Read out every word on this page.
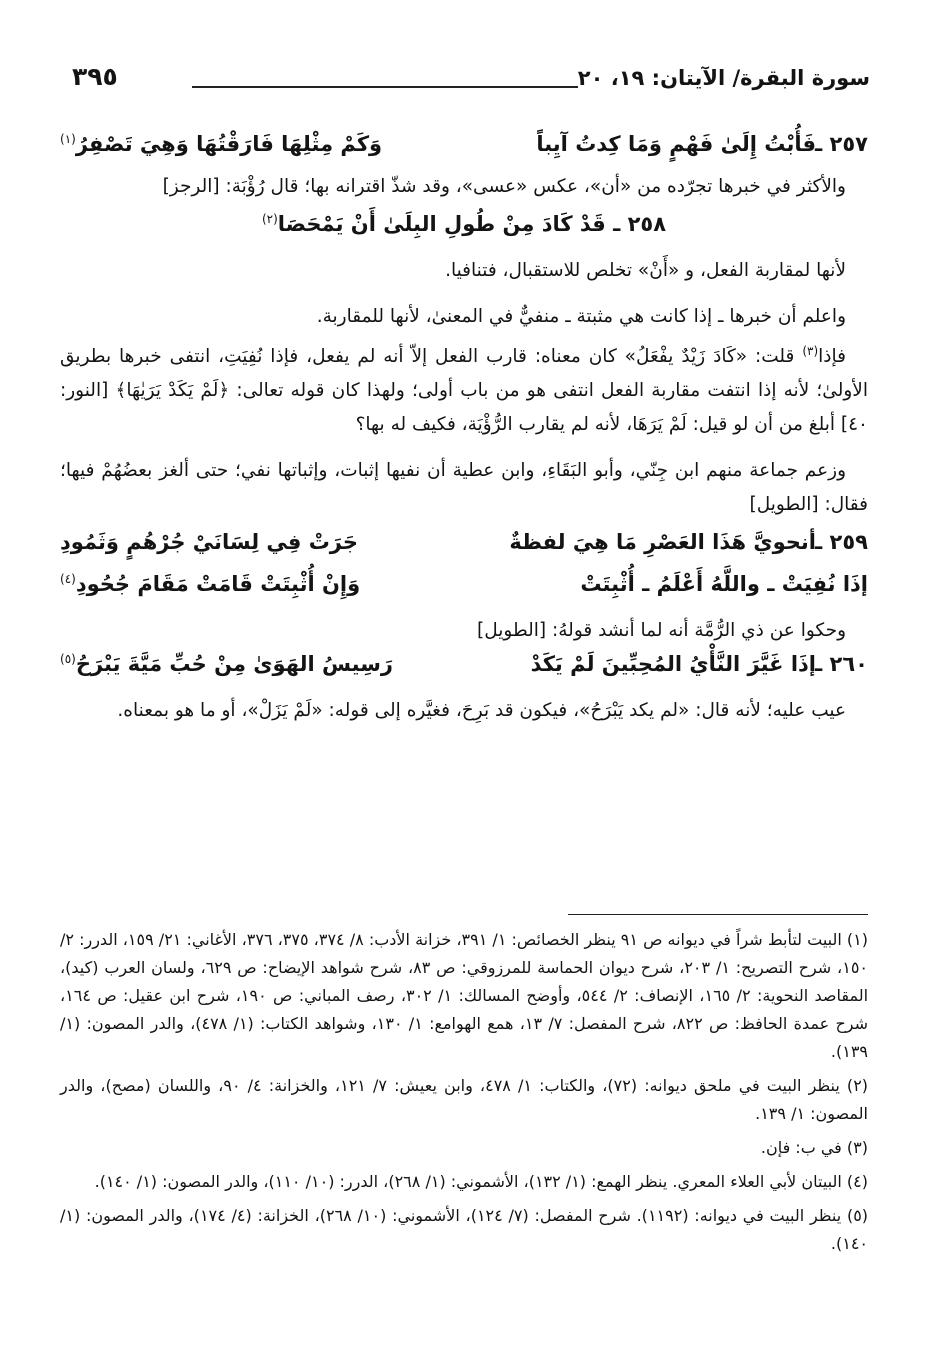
سورة البقرة/ الآيتان: ١٩، ٢٠
٣٩٥
٢٥٧ ـ
فَأُبْتُ إِلَىٰ فَهْمٍ وَمَا كِدتُ آيِباً
وَكَمْ مِثْلِهَا فَارَقْتُهَا وَهِيَ تَصْفِرُ$^{(١)}$

والأكثر في خبرها تجرّده من «أن»، عكس «عسى»، وقد شذّ اقترانه بها؛ قال رُؤْبَة: [الرجز]

٢٥٨ ـ قَدْ كَادَ مِنْ طُولِ البِلَىٰ أَنْ يَمْحَصَا$^{(٢)}$

لأنها لمقاربة الفعل، و «أَنْ» تخلص للاستقبال، فتنافيا.

واعلم أن خبرها ـ إذا كانت هي مثبتة ـ منفيٌّ في المعنىٰ، لأنها للمقاربة.

فإذا$^{(٣)}$ قلت: «كَادَ زَيْدٌ يفْعَلُ» كان معناه: قارب الفعل إلاّ أنه لم يفعل، فإذا نُفِيَتِ، انتفى خبرها بطريق الأولىٰ؛ لأنه إذا انتفت مقاربة الفعل انتفى هو من باب أولى؛ ولهذا كان قوله تعالى: ﴿لَمْ يَكَدْ يَرَيٰهَا﴾ [النور: ٤٠] أبلغ من أن لو قيل: لَمْ يَرَهَا، لأنه لم يقارب الرُّؤْيَة، فكيف له بها؟

وزعم جماعة منهم ابن جِنّي، وأبو البَقَاءِ، وابن عطية أن نفيها إثبات، وإثباتها نفي؛ حتى ألغز بعضُهُمْ فيها؛ فقال: [الطويل]

٢٥٩ ـ
أنحويَّ هَذَا العَصْرِ مَا هِيَ لفظةٌ
جَرَتْ فِي لِسَانَيْ جُرْهُمٍ وَثَمُودِ
إذَا نُفِيَتْ ـ واللَّهُ أَعْلَمُ ـ أُثْبِتَتْ
وَإِنْ أُثْبِتَتْ قَامَتْ مَقَامَ جُحُودِ$^{(٤)}$

وحكوا عن ذي الرُّمَّة أنه لما أنشد قولهُ: [الطويل]

٢٦٠ ـ
إذَا غَيَّرَ النَّأْيُ المُحِبِّينَ لَمْ يَكَدْ
رَسِيسُ الهَوَىٰ مِنْ حُبِّ مَيَّةَ يَبْرَحُ$^{(٥)}$

عيب عليه؛ لأنه قال: «لم يكد يَبْرَحُ»، فيكون قد بَرِحَ، فغيَّره إلى قوله: «لَمْ يَزَلْ»، أو ما هو بمعناه.

(١) البيت لتأبط شراً في ديوانه ص ٩١ ينظر الخصائص: ١/ ٣٩١، خزانة الأدب: ٨/ ٣٧٤، ٣٧٥، ٣٧٦، الأغاني: ٢١/ ١٥٩، الدرر: ٢/ ١٥٠، شرح التصريح: ١/ ٢٠٣، شرح ديوان الحماسة للمرزوقي: ص ٨٣، شرح شواهد الإيضاح: ص ٦٢٩، ولسان العرب (كيد)، المقاصد النحوية: ٢/ ١٦٥، الإنصاف: ٢/ ٥٤٤، وأوضح المسالك: ١/ ٣٠٢، رصف المباني: ص ١٩٠، شرح ابن عقيل: ص ١٦٤، شرح عمدة الحافظ: ص ٨٢٢، شرح المفصل: ٧/ ١٣، همع الهوامع: ١/ ١٣٠، وشواهد الكتاب: (١/ ٤٧٨)، والدر المصون: (١/ ١٣٩).

(٢) ينظر البيت في ملحق ديوانه: (٧٢)، والكتاب: ١/ ٤٧٨، وابن يعيش: ٧/ ١٢١، والخزانة: ٤/ ٩٠، واللسان (مصح)، والدر المصون: ١/ ١٣٩.

(٣) في ب: فإن.

(٤) البيتان لأبي العلاء المعري. ينظر الهمع: (١/ ١٣٢)، الأشموني: (١/ ٢٦٨)، الدرر: (١٠/ ١١٠)، والدر المصون: (١/ ١٤٠).

(٥) ينظر البيت في ديوانه: (١١٩٢). شرح المفصل: (٧/ ١٢٤)، الأشموني: (١٠/ ٢٦٨)، الخزانة: (٤/ ١٧٤)، والدر المصون: (١/ ١٤٠).
